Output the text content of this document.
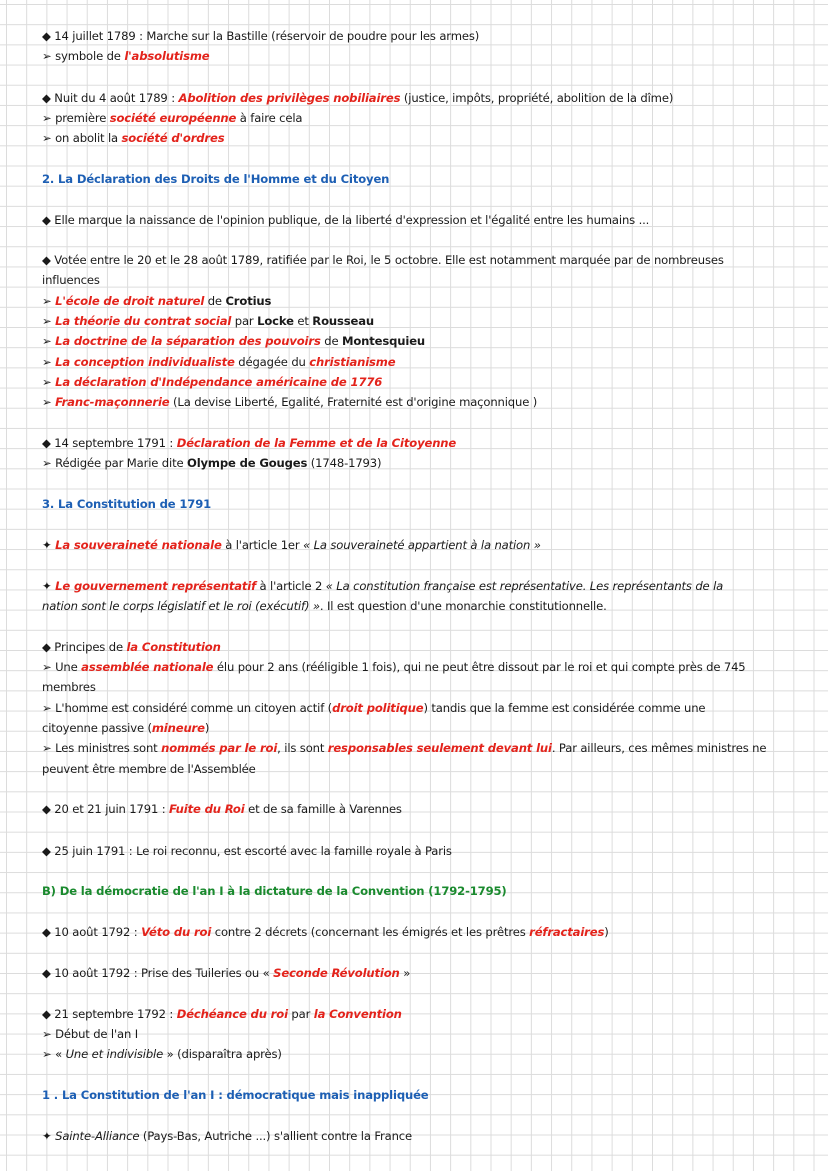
◆ 14 juillet 1789 : Marche sur la Bastille (réservoir de poudre pour les armes)
➢ symbole de l'absolutisme
◆ Nuit du 4 août 1789 : Abolition des privilèges nobiliaires (justice, impôts, propriété, abolition de la dîme)
➢ première société européenne à faire cela
➢ on abolit la société d'ordres
2. La Déclaration des Droits de l'Homme et du Citoyen
◆ Elle marque la naissance de l'opinion publique, de la liberté d'expression et l'égalité entre les humains ...
◆ Votée entre le 20 et le 28 août 1789, ratifiée par le Roi, le 5 octobre. Elle est notamment marquée par de nombreuses
influences
➢ L'école de droit naturel de Crotius
➢ La théorie du contrat social par Locke et Rousseau
➢ La doctrine de la séparation des pouvoirs de Montesquieu
➢ La conception individualiste dégagée du christianisme
➢ La déclaration d'Indépendance américaine de 1776
➢ Franc-maçonnerie (La devise Liberté, Egalité, Fraternité est d'origine maçonnique )
◆ 14 septembre 1791 : Déclaration de la Femme et de la Citoyenne
➢ Rédigée par Marie dite Olympe de Gouges (1748-1793)
3. La Constitution de 1791
✦ La souveraineté nationale à l'article 1er « La souveraineté appartient à la nation »
✦ Le gouvernement représentatif à l'article 2 « La constitution française est représentative. Les représentants de la
nation sont le corps législatif et le roi (exécutif) ». Il est question d'une monarchie constitutionnelle.
◆ Principes de la Constitution
➢ Une assemblée nationale élu pour 2 ans (rééligible 1 fois), qui ne peut être dissout par le roi et qui compte près de 745
membres
➢ L'homme est considéré comme un citoyen actif (droit politique) tandis que la femme est considérée comme une
citoyenne passive (mineure)
➢ Les ministres sont nommés par le roi, ils sont responsables seulement devant lui. Par ailleurs, ces mêmes ministres ne
peuvent être membre de l'Assemblée
◆ 20 et 21 juin 1791 : Fuite du Roi et de sa famille à Varennes
◆ 25 juin 1791 : Le roi reconnu, est escorté avec la famille royale à Paris
B) De la démocratie de l'an I à la dictature de la Convention (1792-1795)
◆ 10 août 1792 : Véto du roi contre 2 décrets (concernant les émigrés et les prêtres réfractaires)
◆ 10 août 1792 : Prise des Tuileries ou « Seconde Révolution »
◆ 21 septembre 1792 : Déchéance du roi par la Convention
➢ Début de l'an I
➢ « Une et indivisible » (disparaîtra après)
1 . La Constitution de l'an I : démocratique mais inappliquée
✦ Sainte-Alliance (Pays-Bas, Autriche ...) s'allient contre la France
